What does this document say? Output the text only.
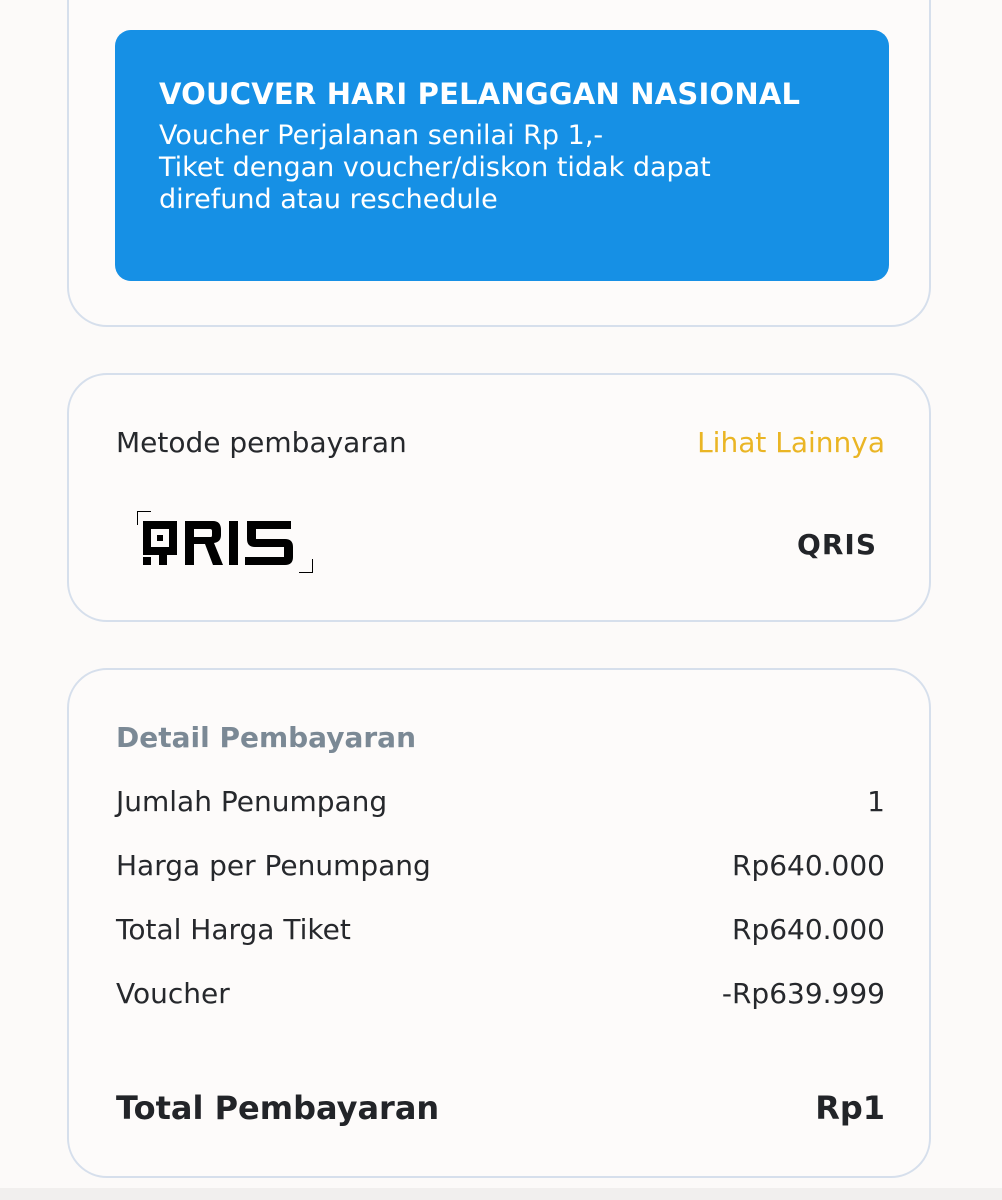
VOUCVER HARI PELANGGAN NASIONAL
Voucher Perjalanan senilai Rp 1,-
Tiket dengan voucher/diskon tidak dapat
direfund atau reschedule
Metode pembayaran	Lihat Lainnya
QRIS
Detail Pembayaran
Jumlah Penumpang	1
Harga per Penumpang	Rp640.000
Total Harga Tiket	Rp640.000
Voucher	-Rp639.999
Total Pembayaran	Rp1
